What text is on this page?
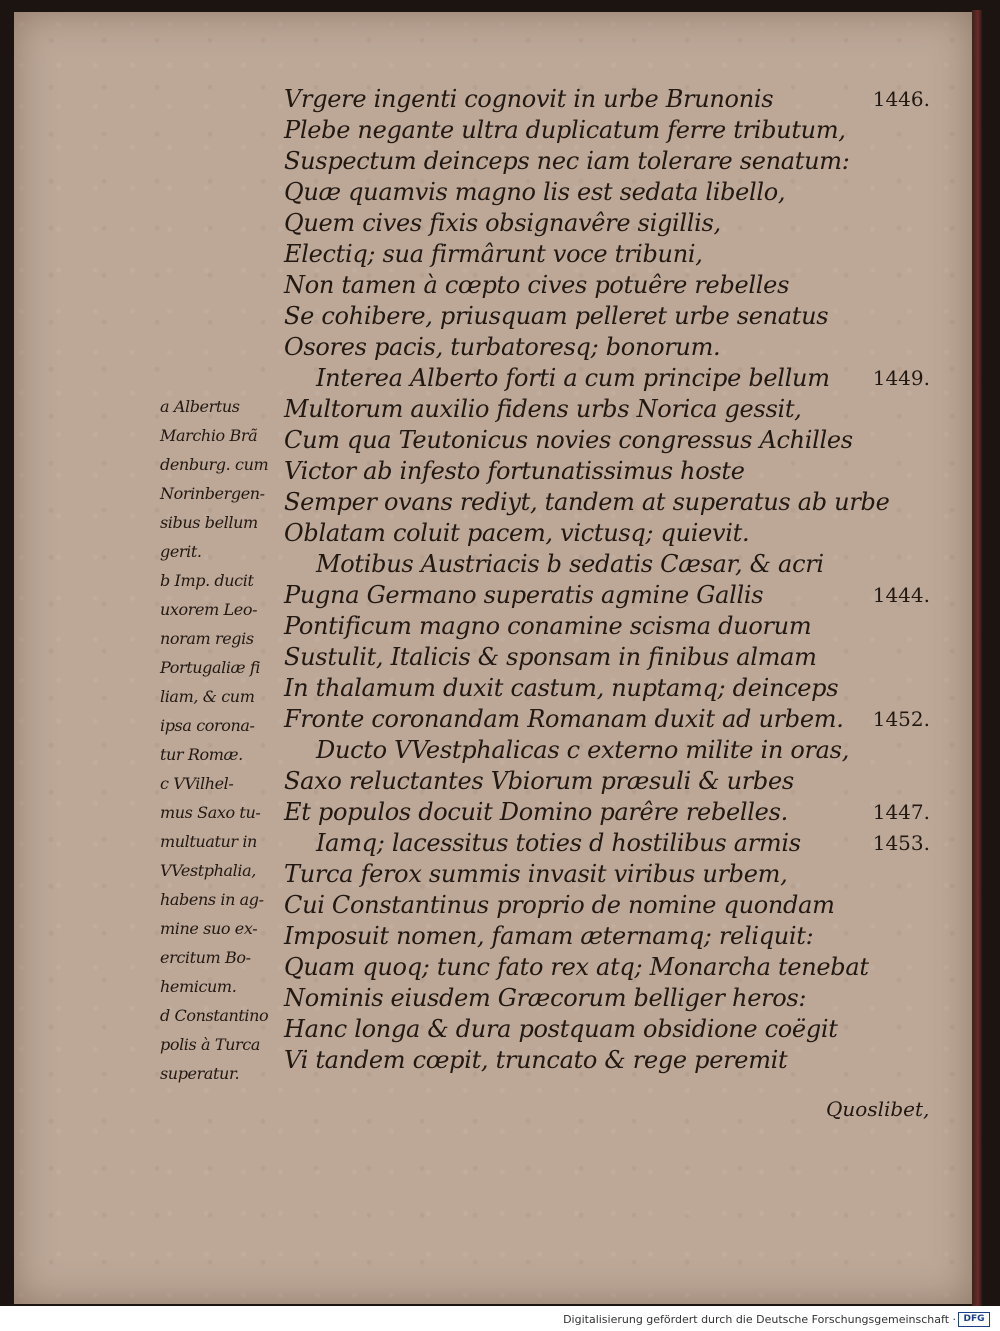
Vrgere ingenti cognovit in urbe Brunonis
Plebe negante ultra duplicatum ferre tributum,
Suspectum deinceps nec iam tolerare senatum:
Quæ quamvis magno lis est sedata libello,
Quem cives fixis obsignavêre sigillis,
Electiq; sua firmârunt voce tribuni,
Non tamen à cœpto cives potuêre rebelles
Se cohibere, priusquam pelleret urbe senatus
Osores pacis, turbatoresq; bonorum.
Interea Alberto forti a cum principe bellum
Multorum auxilio fidens urbs Norica gessit,
Cum qua Teutonicus novies congressus Achilles
Victor ab infesto fortunatissimus hoste
Semper ovans rediyt, tandem at superatus ab urbe
Oblatam coluit pacem, victusq; quievit.
Motibus Austriacis b sedatis Cæsar, & acri
Pugna Germano superatis agmine Gallis
Pontificum magno conamine scisma duorum
Sustulit, Italicis & sponsam in finibus almam
In thalamum duxit castum, nuptamq; deinceps
Fronte coronandam Romanam duxit ad urbem.
Ducto VVestphalicas c externo milite in oras,
Saxo reluctantes Vbiorum præsuli & urbes
Et populos docuit Domino parêre rebelles.
Iamq; lacessitus toties d hostilibus armis
Turca ferox summis invasit viribus urbem,
Cui Constantinus proprio de nomine quondam
Imposuit nomen, famam æternamq; reliquit:
Quam quoq; tunc fato rex atq; Monarcha tenebat
Nominis eiusdem Græcorum belliger heros:
Hanc longa & dura postquam obsidione coëgit
Vi tandem cœpit, truncato & rege peremit
1446.
1449.
1444.
1452.
1447.
1453.
a Albertus
Marchio Brã
denburg. cum
Norinbergen-
sibus bellum
gerit.
b Imp. ducit
uxorem Leo-
noram regis
Portugaliæ fi
liam, & cum
ipsa corona-
tur Romæ.
c VVilhel-
mus Saxo tu-
multuatur in
VVestphalia,
habens in ag-
mine suo ex-
ercitum Bo-
hemicum.
d Constantino
polis à Turca
superatur.
Quoslibet,
Digitalisierung gefördert durch die Deutsche Forschungsgemeinschaft · DFG
